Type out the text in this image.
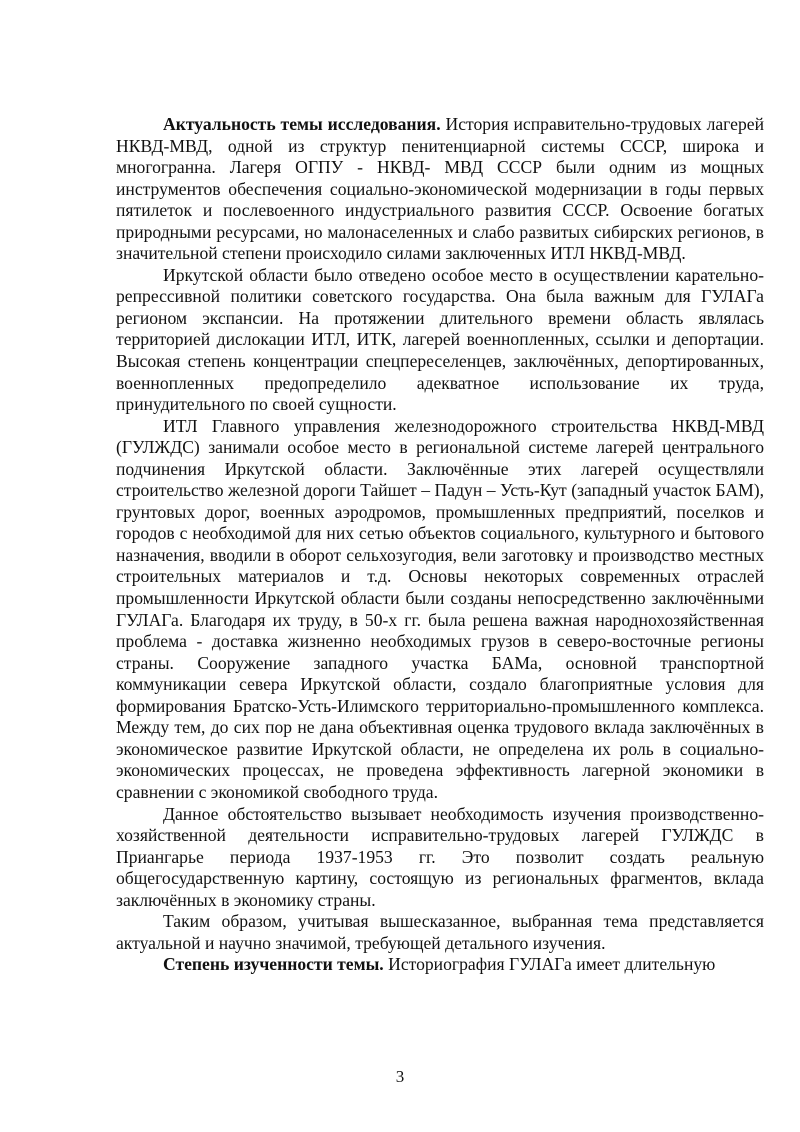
Актуальность темы исследования. История исправительно-трудовых лагерей НКВД-МВД, одной из структур пенитенциарной системы СССР, широка и многогранна. Лагеря ОГПУ - НКВД- МВД СССР были одним из мощных инструментов обеспечения социально-экономической модернизации в годы первых пятилеток и послевоенного индустриального развития СССР. Освоение богатых природными ресурсами, но малонаселенных и слабо развитых сибирских регионов, в значительной степени происходило силами заключенных ИТЛ НКВД-МВД.

Иркутской области было отведено особое место в осуществлении карательно-репрессивной политики советского государства. Она была важным для ГУЛАГа регионом экспансии. На протяжении длительного времени область являлась территорией дислокации ИТЛ, ИТК, лагерей военнопленных, ссылки и депортации. Высокая степень концентрации спецпереселенцев, заключённых, депортированных, военнопленных предопределило адекватное использование их труда, принудительного по своей сущности.

ИТЛ Главного управления железнодорожного строительства НКВД-МВД (ГУЛЖДС) занимали особое место в региональной системе лагерей центрального подчинения Иркутской области. Заключённые этих лагерей осуществляли строительство железной дороги Тайшет – Падун – Усть-Кут (западный участок БАМ), грунтовых дорог, военных аэродромов, промышленных предприятий, поселков и городов с необходимой для них сетью объектов социального, культурного и бытового назначения, вводили в оборот сельхозугодия, вели заготовку и производство местных строительных материалов и т.д. Основы некоторых современных отраслей промышленности Иркутской области были созданы непосредственно заключёнными ГУЛАГа. Благодаря их труду, в 50-х гг. была решена важная народнохозяйственная проблема - доставка жизненно необходимых грузов в северо-восточные регионы страны. Сооружение западного участка БАМа, основной транспортной коммуникации севера Иркутской области, создало благоприятные условия для формирования Братско-Усть-Илимского территориально-промышленного комплекса. Между тем, до сих пор не дана объективная оценка трудового вклада заключённых в экономическое развитие Иркутской области, не определена их роль в социально-экономических процессах, не проведена эффективность лагерной экономики в сравнении с экономикой свободного труда.

Данное обстоятельство вызывает необходимость изучения производственно-хозяйственной деятельности исправительно-трудовых лагерей ГУЛЖДС в Приангарье периода 1937-1953 гг. Это позволит создать реальную общегосударственную картину, состоящую из региональных фрагментов, вклада заключённых в экономику страны.

Таким образом, учитывая вышесказанное, выбранная тема представляется актуальной и научно значимой, требующей детального изучения.

Степень изученности темы. Историография ГУЛАГа имеет длительную

3
